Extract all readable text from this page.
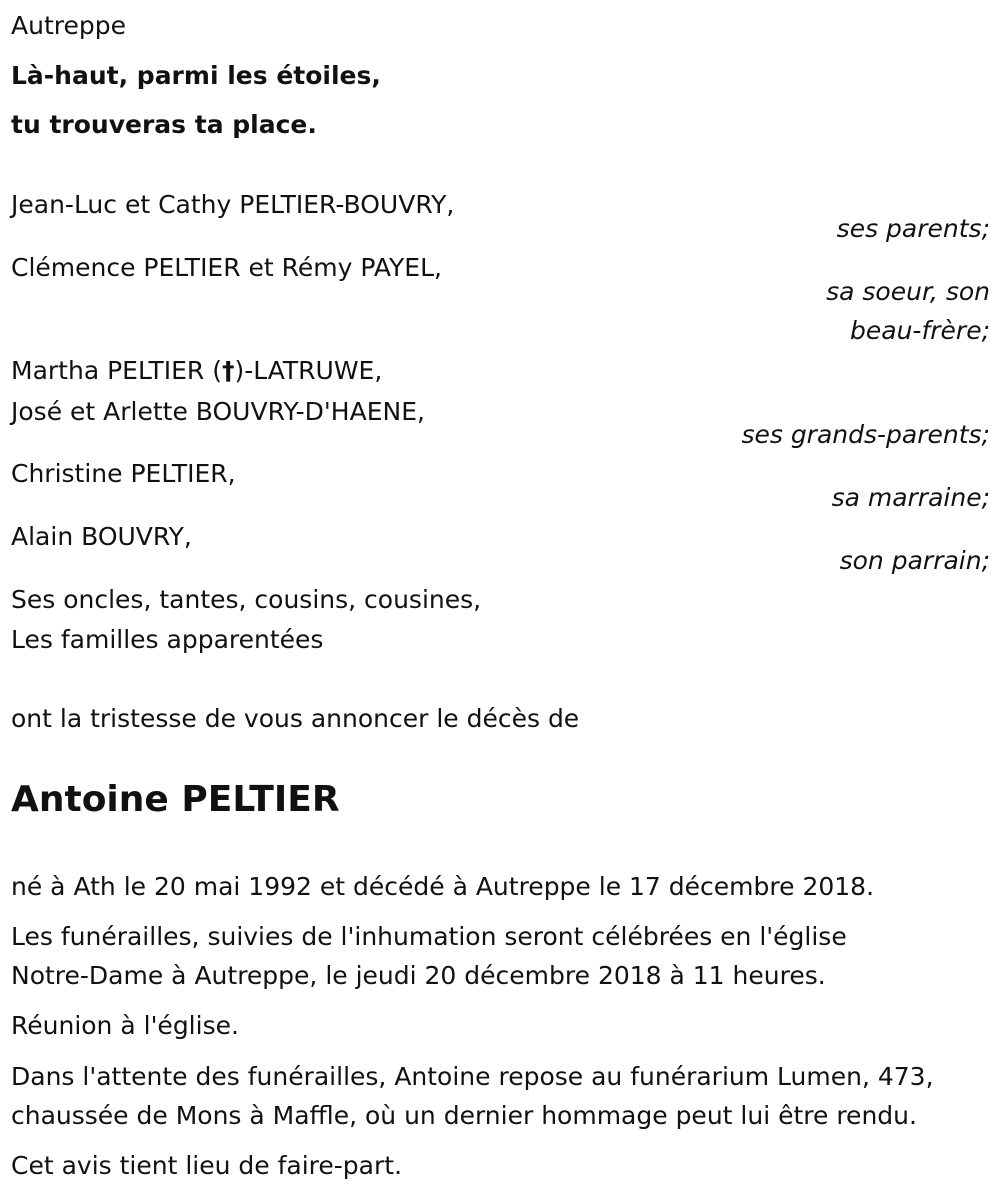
Autreppe
Là-haut, parmi les étoiles,
tu trouveras ta place.
Jean-Luc et Cathy PELTIER-BOUVRY,
ses parents;
Clémence PELTIER et Rémy PAYEL,
sa soeur, son
beau-frère;
Martha PELTIER (†)-LATRUWE,
José et Arlette BOUVRY-D'HAENE,
ses grands-parents;
Christine PELTIER,
sa marraine;
Alain BOUVRY,
son parrain;
Ses oncles, tantes, cousins, cousines,
Les familles apparentées
ont la tristesse de vous annoncer le décès de
Antoine PELTIER
né à Ath le 20 mai 1992 et décédé à Autreppe le 17 décembre 2018.
Les funérailles, suivies de l'inhumation seront célébrées en l'église
Notre-Dame à Autreppe, le jeudi 20 décembre 2018 à 11 heures.
Réunion à l'église.
Dans l'attente des funérailles, Antoine repose au funérarium Lumen, 473,
chaussée de Mons à Maffle, où un dernier hommage peut lui être rendu.
Cet avis tient lieu de faire-part.
